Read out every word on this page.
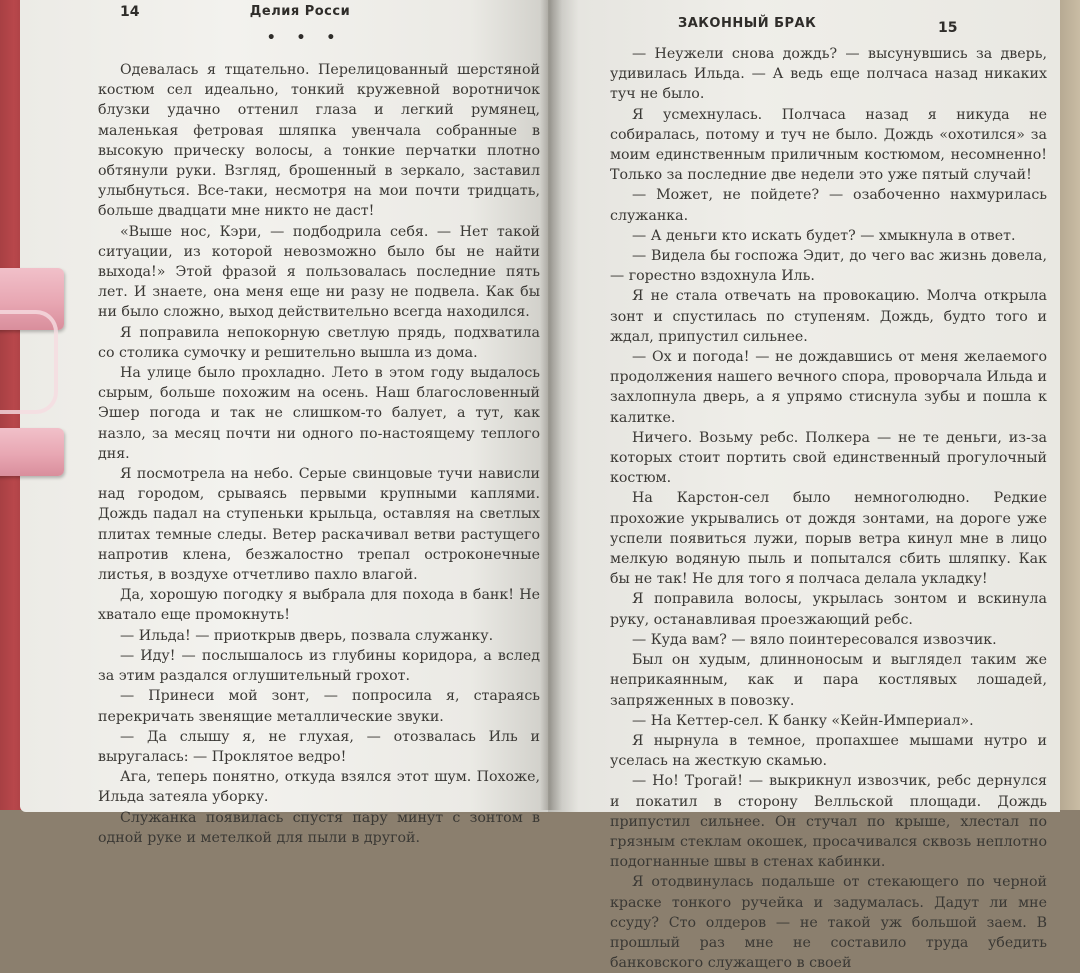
14	Делия Росси
• • •

Одевалась я тщательно. Перелицованный шерстяной костюм сел идеально, тонкий кружевной воротничок блузки удачно оттенил глаза и легкий румянец, маленькая фетровая шляпка увенчала собранные в высокую прическу волосы, а тонкие перчатки плотно обтянули руки. Взгляд, брошенный в зеркало, заставил улыбнуться. Все-таки, несмотря на мои почти тридцать, больше двадцати мне никто не даст!

«Выше нос, Кэри, — подбодрила себя. — Нет такой ситуации, из которой невозможно было бы не найти выхода!» Этой фразой я пользовалась последние пять лет. И знаете, она меня еще ни разу не подвела. Как бы ни было сложно, выход действительно всегда находился.

Я поправила непокорную светлую прядь, подхватила со столика сумочку и решительно вышла из дома.

На улице было прохладно. Лето в этом году выдалось сырым, больше похожим на осень. Наш благословенный Эшер погода и так не слишком-то балует, а тут, как назло, за месяц почти ни одного по-настоящему теплого дня.

Я посмотрела на небо. Серые свинцовые тучи нависли над городом, срываясь первыми крупными каплями. Дождь падал на ступеньки крыльца, оставляя на светлых плитах темные следы. Ветер раскачивал ветви растущего напротив клена, безжалостно трепал остроконечные листья, в воздухе отчетливо пахло влагой.

Да, хорошую погодку я выбрала для похода в банк! Не хватало еще промокнуть!

— Ильда! — приоткрыв дверь, позвала служанку.

— Иду! — послышалось из глубины коридора, а вслед за этим раздался оглушительный грохот.

— Принеси мой зонт, — попросила я, стараясь перекричать звенящие металлические звуки.

— Да слышу я, не глухая, — отозвалась Иль и выругалась: — Проклятое ведро!

Ага, теперь понятно, откуда взялся этот шум. Похоже, Ильда затеяла уборку.

Служанка появилась спустя пару минут с зонтом в одной руке и метелкой для пыли в другой.

ЗАКОННЫЙ БРАК	15

— Неужели снова дождь? — высунувшись за дверь, удивилась Ильда. — А ведь еще полчаса назад никаких туч не было.

Я усмехнулась. Полчаса назад я никуда не собиралась, потому и туч не было. Дождь «охотился» за моим единственным приличным костюмом, несомненно! Только за последние две недели это уже пятый случай!

— Может, не пойдете? — озабоченно нахмурилась служанка.

— А деньги кто искать будет? — хмыкнула в ответ.

— Видела бы госпожа Эдит, до чего вас жизнь довела, — горестно вздохнула Иль.

Я не стала отвечать на провокацию. Молча открыла зонт и спустилась по ступеням. Дождь, будто того и ждал, припустил сильнее.

— Ох и погода! — не дождавшись от меня желаемого продолжения нашего вечного спора, проворчала Ильда и захлопнула дверь, а я упрямо стиснула зубы и пошла к калитке.

Ничего. Возьму ребс. Полкера — не те деньги, из-за которых стоит портить свой единственный прогулочный костюм.

На Карстон-сел было немноголюдно. Редкие прохожие укрывались от дождя зонтами, на дороге уже успели появиться лужи, порыв ветра кинул мне в лицо мелкую водяную пыль и попытался сбить шляпку. Как бы не так! Не для того я полчаса делала укладку!

Я поправила волосы, укрылась зонтом и вскинула руку, останавливая проезжающий ребс.

— Куда вам? — вяло поинтересовался извозчик.

Был он худым, длинноносым и выглядел таким же неприкаянным, как и пара костлявых лошадей, запряженных в повозку.

— На Кеттер-сел. К банку «Кейн-Империал».

Я нырнула в темное, пропахшее мышами нутро и уселась на жесткую скамью.

— Но! Трогай! — выкрикнул извозчик, ребс дернулся и покатил в сторону Велльской площади. Дождь припустил сильнее. Он стучал по крыше, хлестал по грязным стеклам окошек, просачивался сквозь неплотно подогнанные швы в стенах кабинки.

Я отодвинулась подальше от стекающего по черной краске тонкого ручейка и задумалась. Дадут ли мне ссуду? Сто олдеров — не такой уж большой заем. В прошлый раз мне не составило труда убедить банковского служащего в своей
